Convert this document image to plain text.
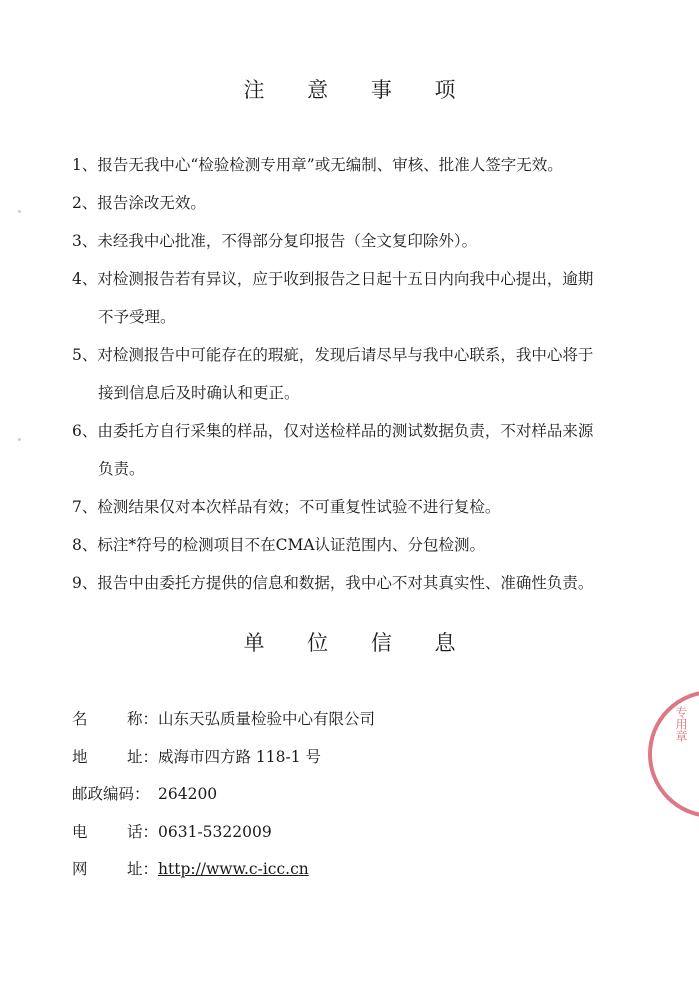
注 意 事 项
1、报告无我中心“检验检测专用章”或无编制、审核、批准人签字无效。
2、报告涂改无效。
3、未经我中心批准，不得部分复印报告（全文复印除外）。
4、对检测报告若有异议，应于收到报告之日起十五日内向我中心提出，逾期
不予受理。
5、对检测报告中可能存在的瑕疵，发现后请尽早与我中心联系，我中心将于
接到信息后及时确认和更正。
6、由委托方自行采集的样品，仅对送检样品的测试数据负责，不对样品来源
负责。
7、检测结果仅对本次样品有效；不可重复性试验不进行复检。
8、标注*符号的检测项目不在CMA认证范围内、分包检测。
9、报告中由委托方提供的信息和数据，我中心不对其真实性、准确性负责。
单 位 信 息
名	称：山东天弘质量检验中心有限公司
地	址：威海市四方路 118-1 号
邮政编码： 264200
电	话：0631-5322009
网	址：http://www.c-icc.cn
专用章
